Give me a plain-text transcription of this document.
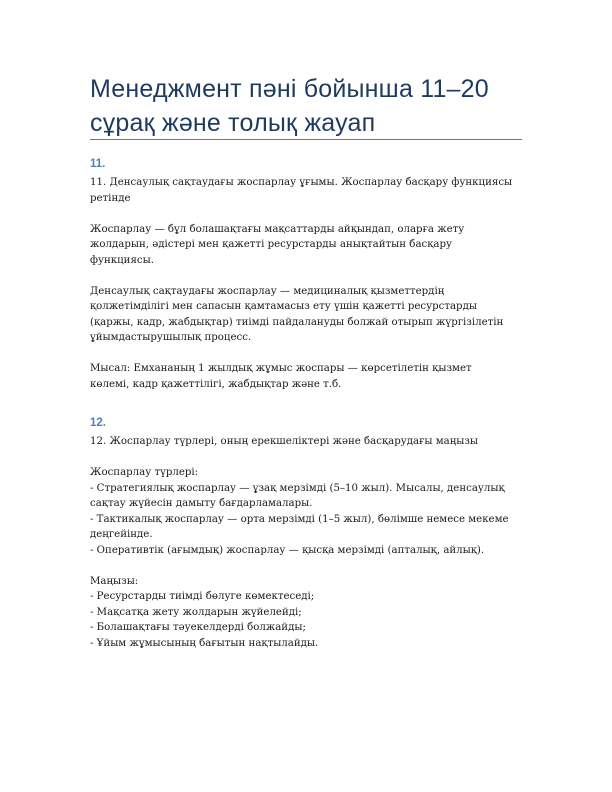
Менеджмент пәні бойынша 11–20
сұрақ және толық жауап
11.

11. Денсаулық сақтаудағы жоспарлау ұғымы. Жоспарлау басқару функциясы
ретінде

Жоспарлау — бұл болашақтағы мақсаттарды айқындап, оларға жету
жолдарын, әдістері мен қажетті ресурстарды анықтайтын басқару
функциясы.

Денсаулық сақтаудағы жоспарлау — медициналық қызметтердің
қолжетімділігі мен сапасын қамтамасыз ету үшін қажетті ресурстарды
(қаржы, кадр, жабдықтар) тиімді пайдалануды болжай отырып жүргізілетін
ұйымдастырушылық процесс.

Мысал: Емхананың 1 жылдық жұмыс жоспары — көрсетілетін қызмет
көлемі, кадр қажеттілігі, жабдықтар және т.б.

12.

12. Жоспарлау түрлері, оның ерекшеліктері және басқарудағы маңызы

Жоспарлау түрлері:
- Стратегиялық жоспарлау — ұзақ мерзімді (5–10 жыл). Мысалы, денсаулық
сақтау жүйесін дамыту бағдарламалары.
- Тактикалық жоспарлау — орта мерзімді (1–5 жыл), бөлімше немесе мекеме
деңгейінде.
- Оперативтік (ағымдық) жоспарлау — қысқа мерзімді (апталық, айлық).

Маңызы:
- Ресурстарды тиімді бөлуге көмектеседі;
- Мақсатқа жету жолдарын жүйелейді;
- Болашақтағы тәуекелдерді болжайды;
- Ұйым жұмысының бағытын нақтылайды.
